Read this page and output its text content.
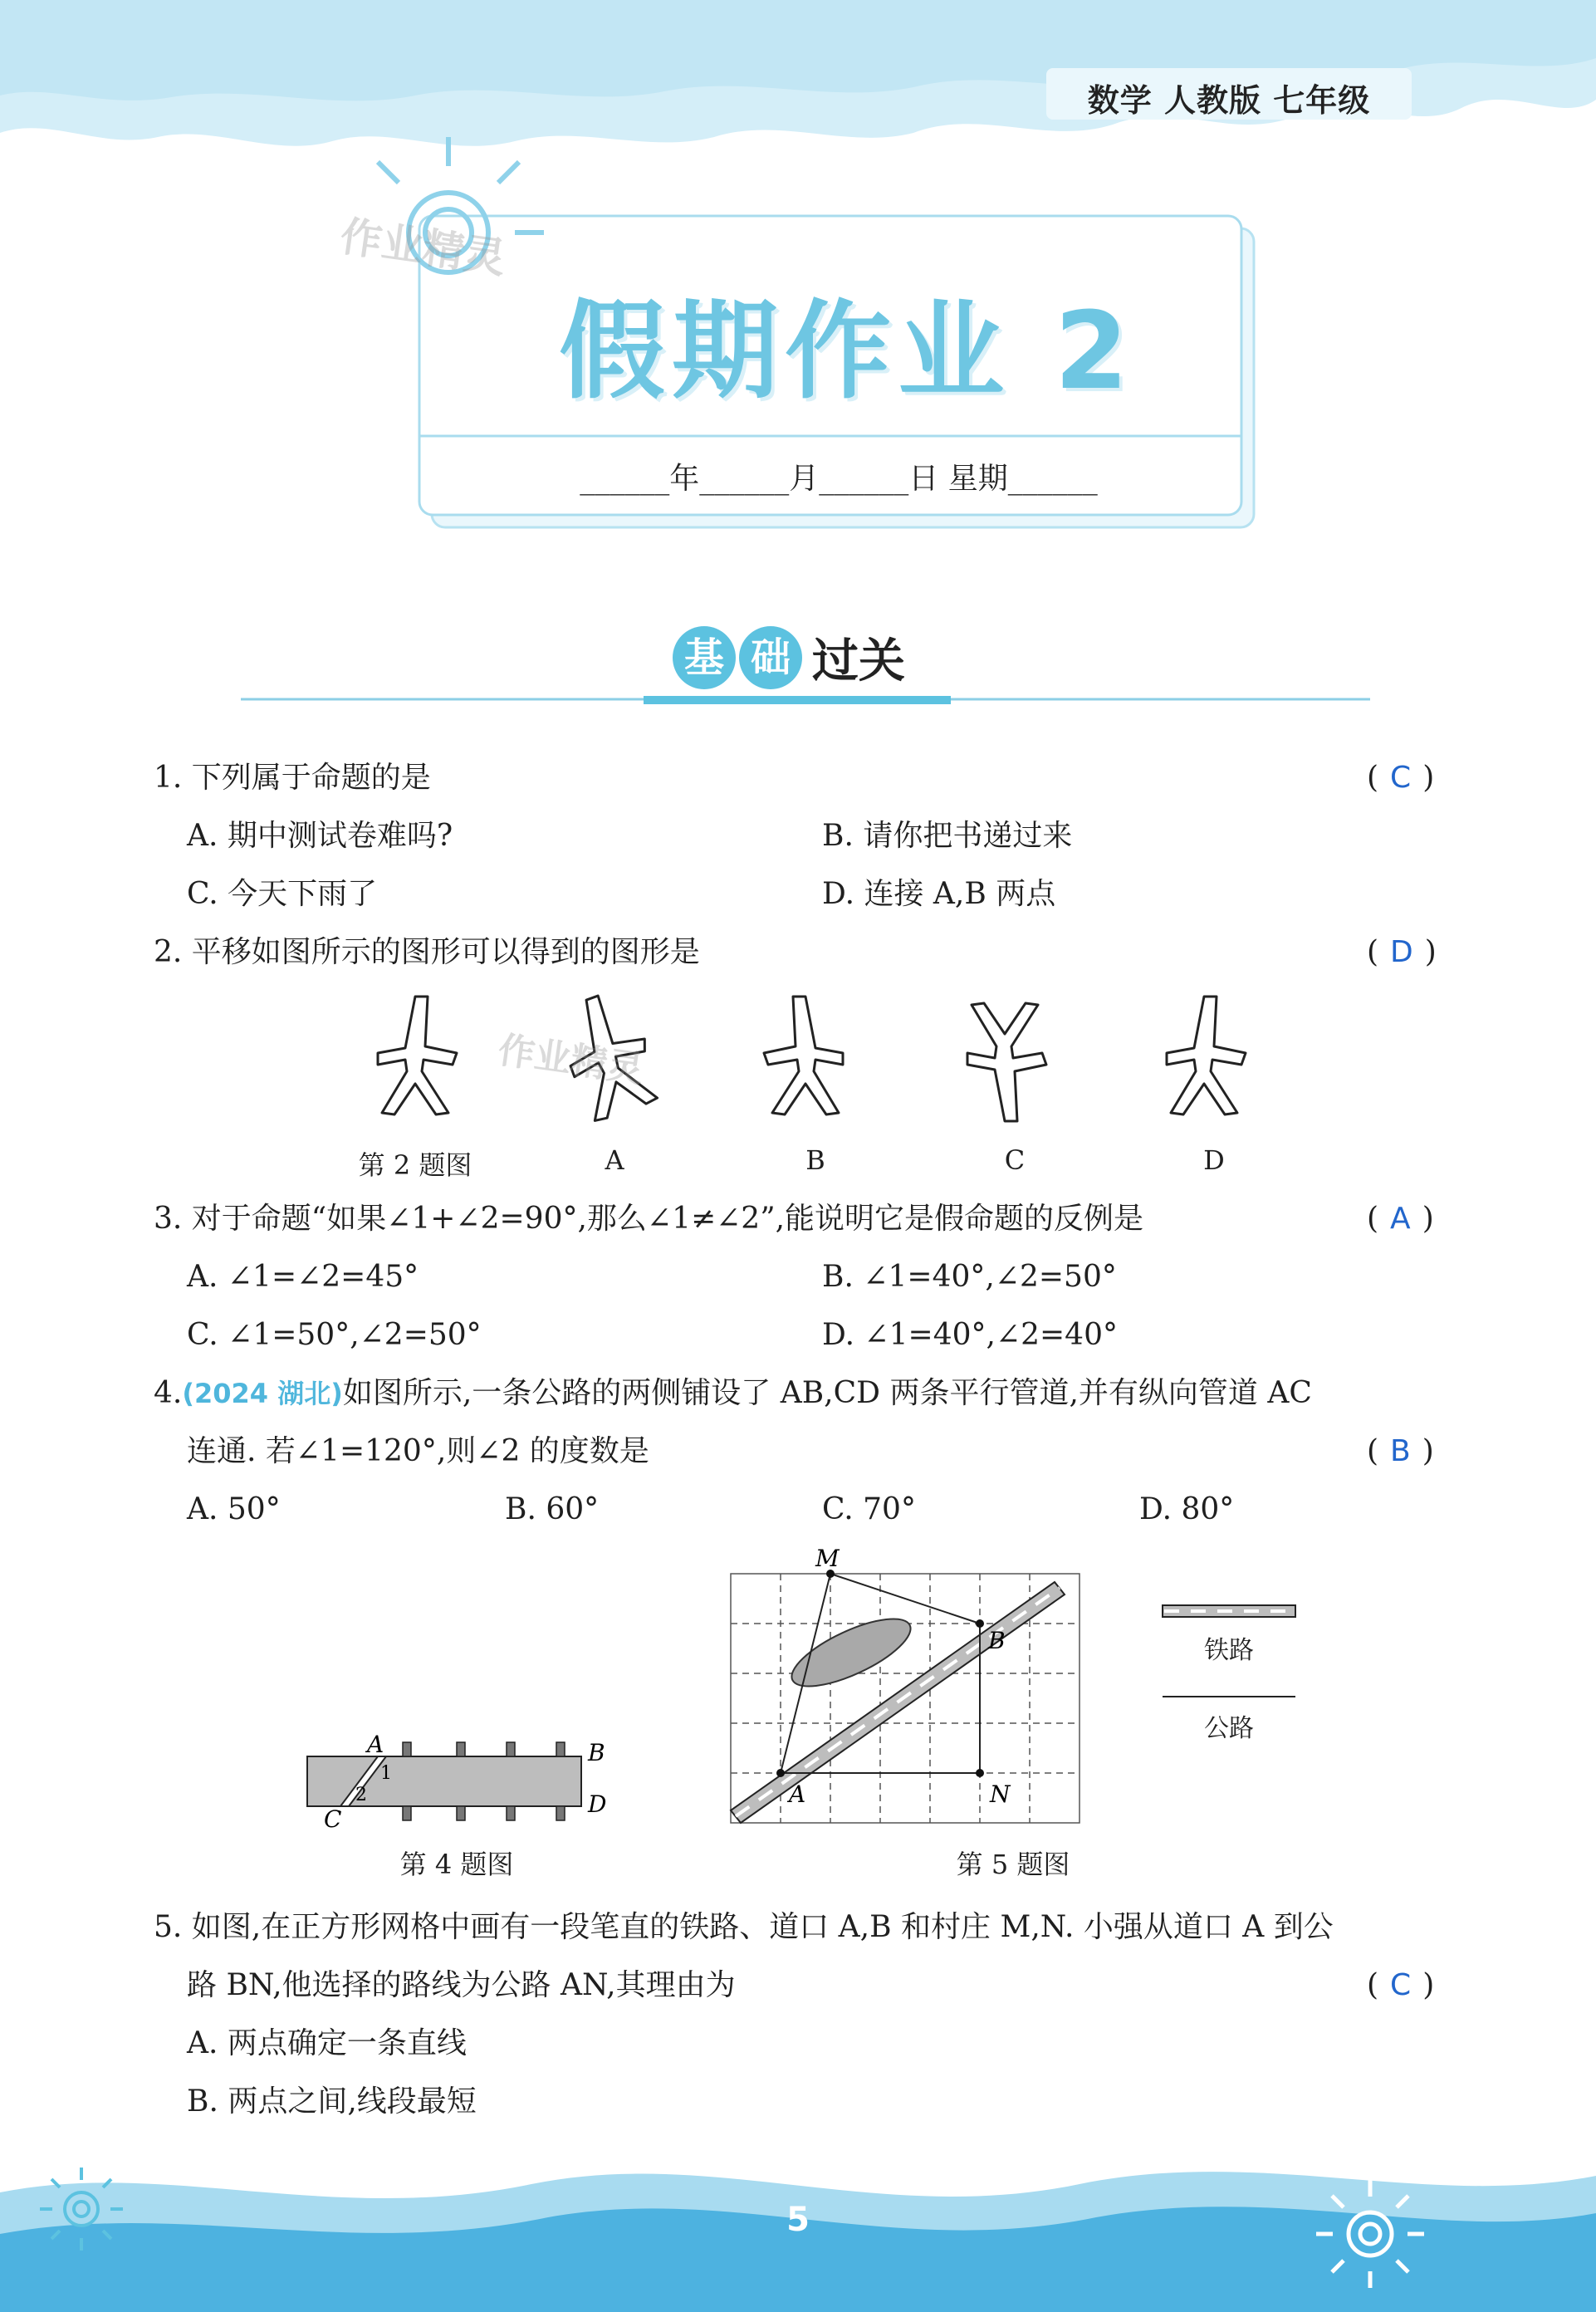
数学 人教版 七年级
作业精灵
假期作业 2
______年______月______日 星期______
基 础 过关
1. 下列属于命题的是	( C )
A. 期中测试卷难吗?	B. 请你把书递过来
C. 今天下雨了	D. 连接 A,B 两点
2. 平移如图所示的图形可以得到的图形是	( D )
作业精灵
第 2 题图	A	B	C	D
3. 对于命题“如果∠1+∠2=90°,那么∠1≠∠2”,能说明它是假命题的反例是	( A )
A. ∠1=∠2=45°	B. ∠1=40°,∠2=50°
C. ∠1=50°,∠2=50°	D. ∠1=40°,∠2=40°
4.(2024 湖北)如图所示,一条公路的两侧铺设了 AB,CD 两条平行管道,并有纵向管道 AC
连通. 若∠1=120°,则∠2 的度数是	( B )
A. 50°	B. 60°	C. 70°	D. 80°
A	B
C
D
1
2
第 4 题图
M
B
A	N
第 5 题图
铁路
公路
5. 如图,在正方形网格中画有一段笔直的铁路、道口 A,B 和村庄 M,N. 小强从道口 A 到公
路 BN,他选择的路线为公路 AN,其理由为	( C )
A. 两点确定一条直线
B. 两点之间,线段最短
5
